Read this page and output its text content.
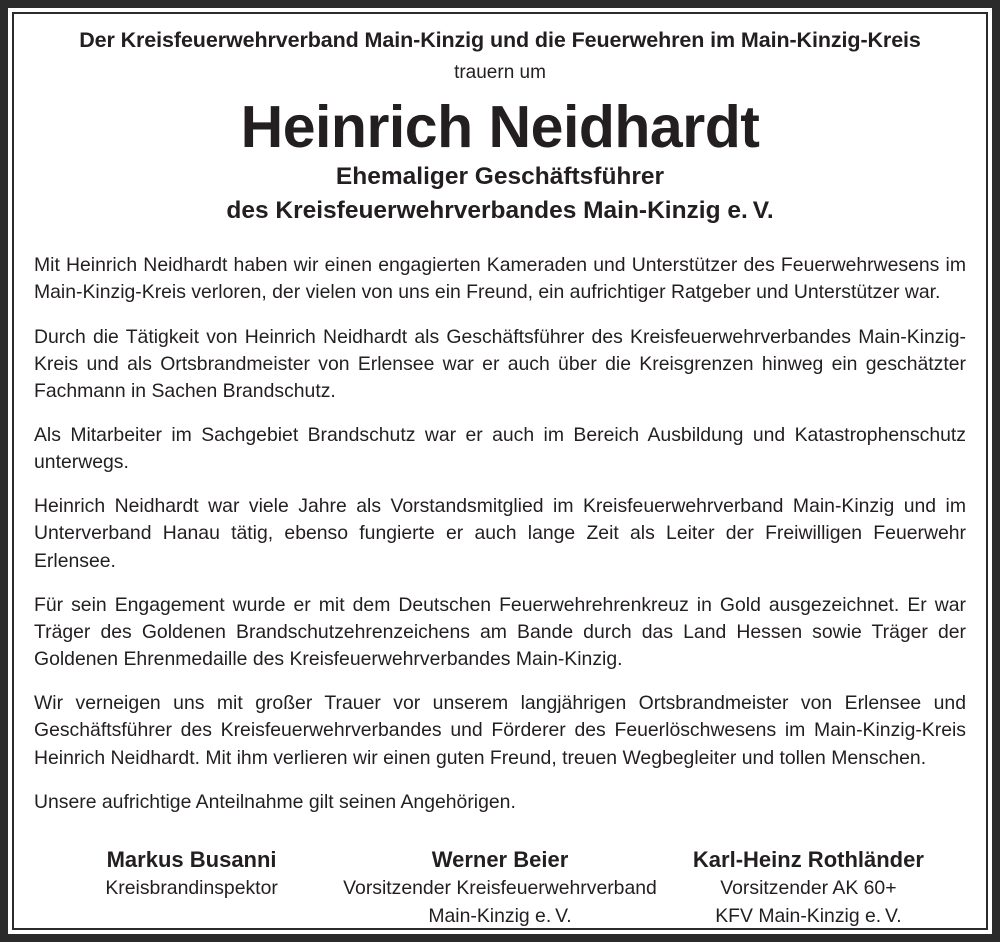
Der Kreisfeuerwehrverband Main-Kinzig und die Feuerwehren im Main-Kinzig-Kreis
trauern um
Heinrich Neidhardt
Ehemaliger Geschäftsführer
des Kreisfeuerwehrverbandes Main-Kinzig e. V.

Mit Heinrich Neidhardt haben wir einen engagierten Kameraden und Unterstützer des Feuerwehrwesens im Main-Kinzig-Kreis verloren, der vielen von uns ein Freund, ein aufrichtiger Ratgeber und Unterstützer war.

Durch die Tätigkeit von Heinrich Neidhardt als Geschäftsführer des Kreisfeuerwehrverbandes Main-Kinzig-Kreis und als Ortsbrandmeister von Erlensee war er auch über die Kreisgrenzen hinweg ein geschätzter Fachmann in Sachen Brandschutz.

Als Mitarbeiter im Sachgebiet Brandschutz war er auch im Bereich Ausbildung und Katastrophenschutz unterwegs.

Heinrich Neidhardt war viele Jahre als Vorstandsmitglied im Kreisfeuerwehrverband Main-Kinzig und im Unterverband Hanau tätig, ebenso fungierte er auch lange Zeit als Leiter der Freiwilligen Feuerwehr Erlensee.

Für sein Engagement wurde er mit dem Deutschen Feuerwehrehrenkreuz in Gold ausgezeichnet. Er war Träger des Goldenen Brandschutzehrenzeichens am Bande durch das Land Hessen sowie Träger der Goldenen Ehrenmedaille des Kreisfeuerwehrverbandes Main-Kinzig.

Wir verneigen uns mit großer Trauer vor unserem langjährigen Ortsbrandmeister von Erlensee und Geschäftsführer des Kreisfeuerwehrverbandes und Förderer des Feuerlöschwesens im Main-Kinzig-Kreis Heinrich Neidhardt. Mit ihm verlieren wir einen guten Freund, treuen Wegbegleiter und tollen Menschen.

Unsere aufrichtige Anteilnahme gilt seinen Angehörigen.

Markus Busanni
Kreisbrandinspektor
Werner Beier
Vorsitzender Kreisfeuerwehrverband
Main-Kinzig e. V.
Karl-Heinz Rothländer
Vorsitzender AK 60+
KFV Main-Kinzig e. V.
